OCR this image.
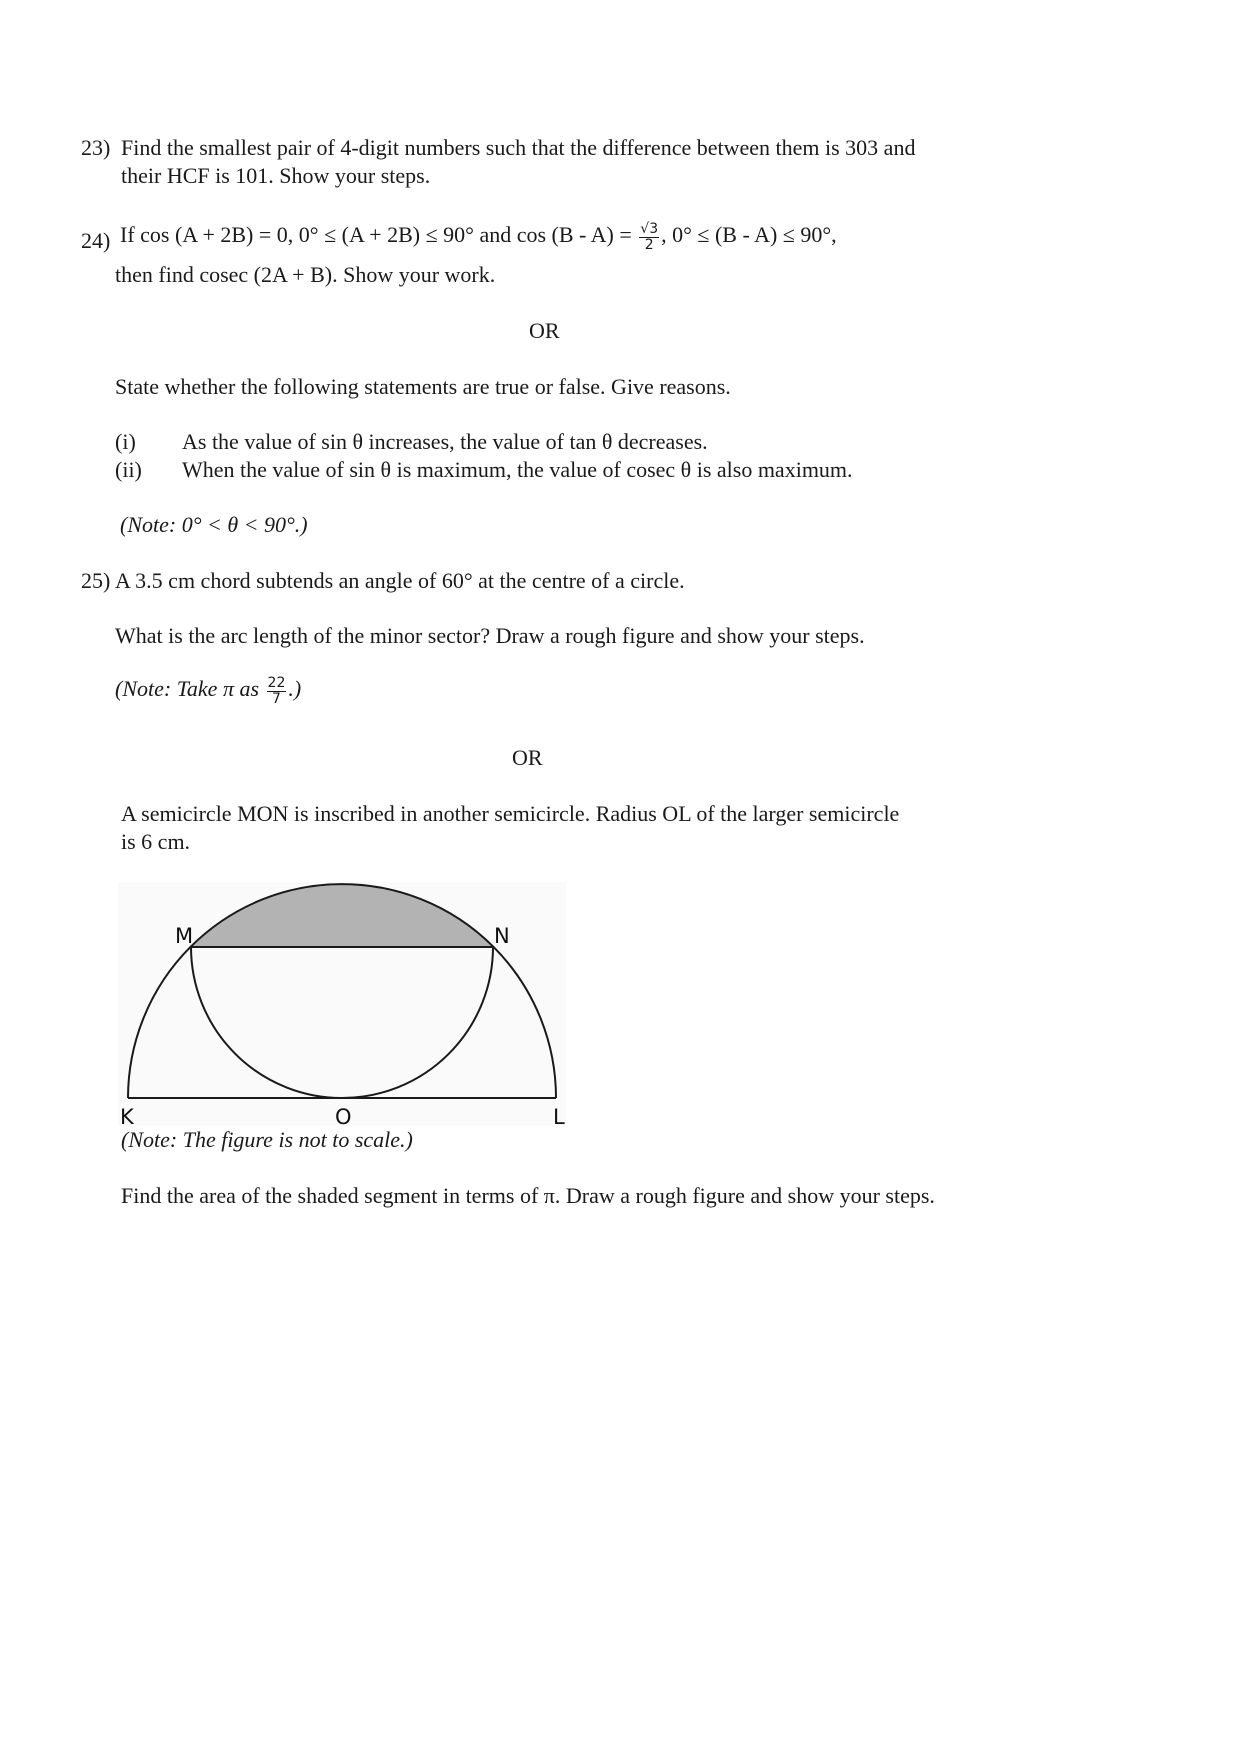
23) Find the smallest pair of 4-digit numbers such that the difference between them is 303 and
their HCF is 101. Show your steps.
24) If cos (A + 2B) = 0, 0° ≤ (A + 2B) ≤ 90° and $\cos (B - A) = \frac{√3}{2}$ , 0° ≤ (B - A) ≤ 90°,
then find cosec (2A + B). Show your work.
OR
State whether the following statements are true or false. Give reasons.
(i) As the value of sin θ increases, the value of tan θ decreases.
(ii) When the value of sin θ is maximum, the value of cosec θ is also maximum.
(Note: 0° < θ < 90°.)
25) A 3.5 cm chord subtends an angle of 60° at the centre of a circle.
What is the arc length of the minor sector? Draw a rough figure and show your steps.
(Note: Take π as $\frac{22}{7}$ .)
OR
A semicircle MON is inscribed in another semicircle. Radius OL of the larger semicircle
is 6 cm.
M	N
K	O	L
(Note: The figure is not to scale.)
Find the area of the shaded segment in terms of π. Draw a rough figure and show your steps.
